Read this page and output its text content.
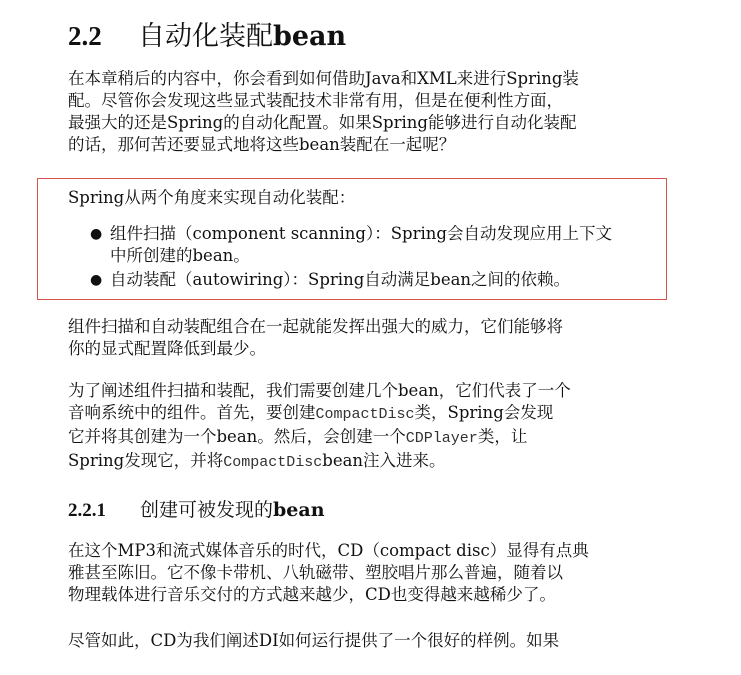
2.2 自动化装配bean

在本章稍后的内容中，你会看到如何借助Java和XML来进行Spring装
配。尽管你会发现这些显式装配技术非常有用，但是在便利性方面，
最强大的还是Spring的自动化配置。如果Spring能够进行自动化装配
的话，那何苦还要显式地将这些bean装配在一起呢？

Spring从两个角度来实现自动化装配：
● 组件扫描（component scanning）：Spring会自动发现应用上下文
中所创建的bean。
● 自动装配（autowiring）：Spring自动满足bean之间的依赖。

组件扫描和自动装配组合在一起就能发挥出强大的威力，它们能够将
你的显式配置降低到最少。

为了阐述组件扫描和装配，我们需要创建几个bean，它们代表了一个
音响系统中的组件。首先，要创建CompactDisc类，Spring会发现
它并将其创建为一个bean。然后，会创建一个CDPlayer类，让
Spring发现它，并将CompactDiscbean注入进来。

2.2.1 创建可被发现的bean

在这个MP3和流式媒体音乐的时代，CD（compact disc）显得有点典
雅甚至陈旧。它不像卡带机、八轨磁带、塑胶唱片那么普遍，随着以
物理载体进行音乐交付的方式越来越少，CD也变得越来越稀少了。

尽管如此，CD为我们阐述DI如何运行提供了一个很好的样例。如果
